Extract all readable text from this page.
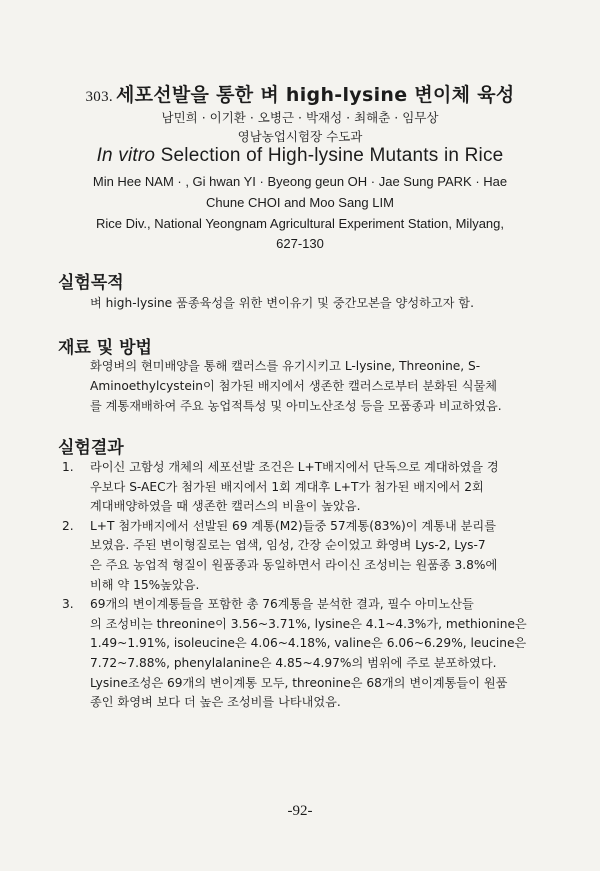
303. 세포선발을 통한 벼 high-lysine 변이체 육성
남민희 · 이기환 · 오병근 · 박재성 · 최해춘 · 임무상
영남농업시험장 수도과
In vitro Selection of High-lysine Mutants in Rice
Min Hee NAM · , Gi hwan YI · Byeong geun OH · Jae Sung PARK · Hae
Chune CHOI and Moo Sang LIM
Rice Div., National Yeongnam Agricultural Experiment Station, Milyang,
627-130
실험목적
벼 high-lysine 품종육성을 위한 변이유기 및 중간모본을 양성하고자 함.
재료 및 방법
화영벼의 현미배양을 통해 캘러스를 유기시키고 L-lysine, Threonine, S-
Aminoethylcystein이 첨가된 배지에서 생존한 캘러스로부터 분화된 식물체
를 계통재배하여 주요 농업적특성 및 아미노산조성 등을 모품종과 비교하였음.
실험결과
1. 라이신 고함성 개체의 세포선발 조건은 L+T배지에서 단독으로 계대하였을 경
우보다 S-AEC가 첨가된 배지에서 1회 계대후 L+T가 첨가된 배지에서 2회
계대배양하였을 때 생존한 캘러스의 비율이 높았음.
2. L+T 첨가배지에서 선발된 69 계통(M2)들중 57계통(83%)이 계통내 분리를
보였음. 주된 변이형질로는 엽색, 임성, 간장 순이었고 화영벼 Lys-2, Lys-7
은 주요 농업적 형질이 원품종과 동일하면서 라이신 조성비는 원품종 3.8%에
비해 약 15%높았음.
3. 69개의 변이계통들을 포함한 총 76계통을 분석한 결과, 필수 아미노산들
의 조성비는 threonine이 3.56~3.71%, lysine은 4.1~4.3%가, methionine은
1.49~1.91%, isoleucine은 4.06~4.18%, valine은 6.06~6.29%, leucine은
7.72~7.88%, phenylalanine은 4.85~4.97%의 범위에 주로 분포하였다.
Lysine조성은 69개의 변이계통 모두, threonine은 68개의 변이계통들이 원품
종인 화영벼 보다 더 높은 조성비를 나타내었음.
-92-
